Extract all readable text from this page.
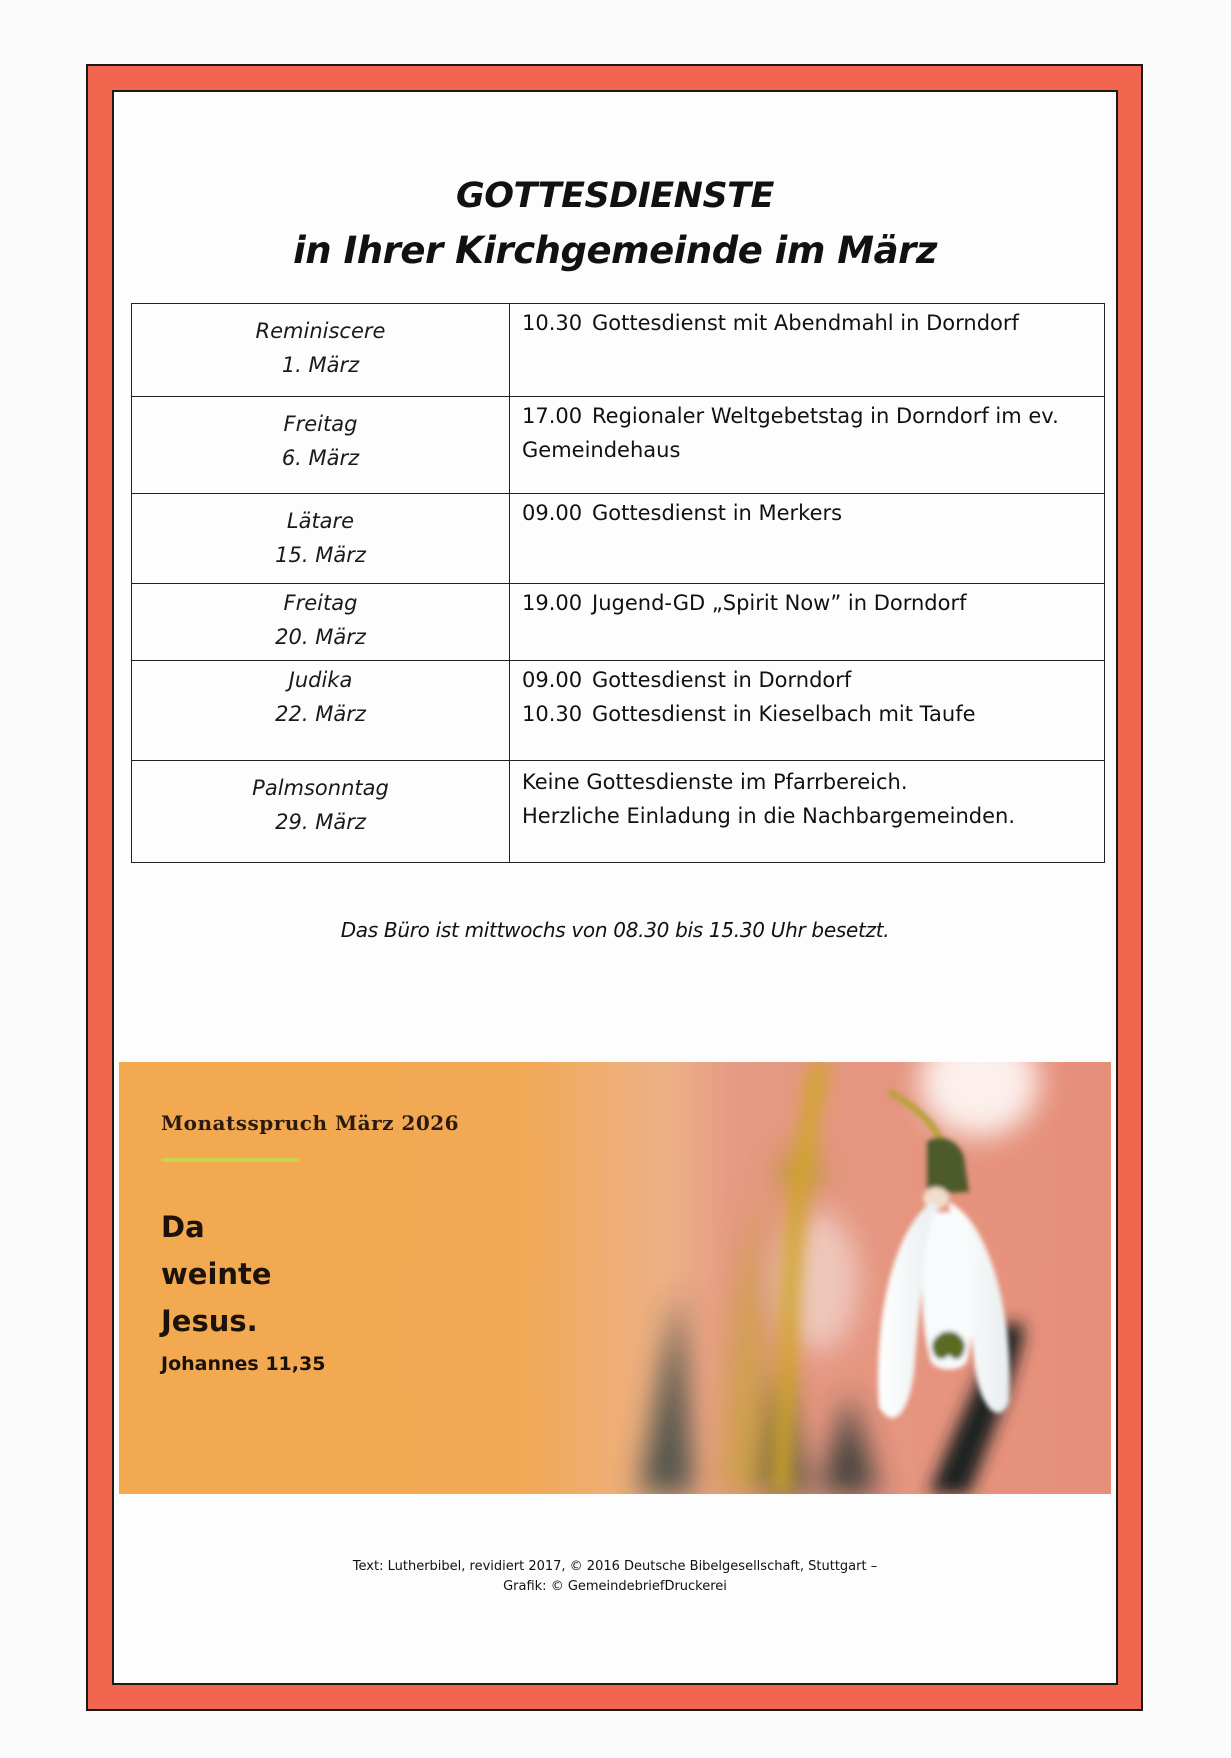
GOTTESDIENSTE
in Ihrer Kirchgemeinde im März
Reminiscere
1. März	10.30 Gottesdienst mit Abendmahl in Dorndorf

Freitag
6. März	17.00 Regionaler Weltgebetstag in Dorndorf im ev.
Gemeindehaus

Lätare
15. März	09.00 Gottesdienst in Merkers

Freitag
20. März	19.00 Jugend-GD „Spirit Now” in Dorndorf

Judika
22. März	09.00 Gottesdienst in Dorndorf
10.30 Gottesdienst in Kieselbach mit Taufe

Palmsonntag
29. März	Keine Gottesdienste im Pfarrbereich.
Herzliche Einladung in die Nachbargemeinden.
Das Büro ist mittwochs von 08.30 bis 15.30 Uhr besetzt.
Monatsspruch März 2026
Da
weinte
Jesus.
Johannes 11,35
Text: Lutherbibel, revidiert 2017, © 2016 Deutsche Bibelgesellschaft, Stuttgart –
Grafik: © GemeindebriefDruckerei
